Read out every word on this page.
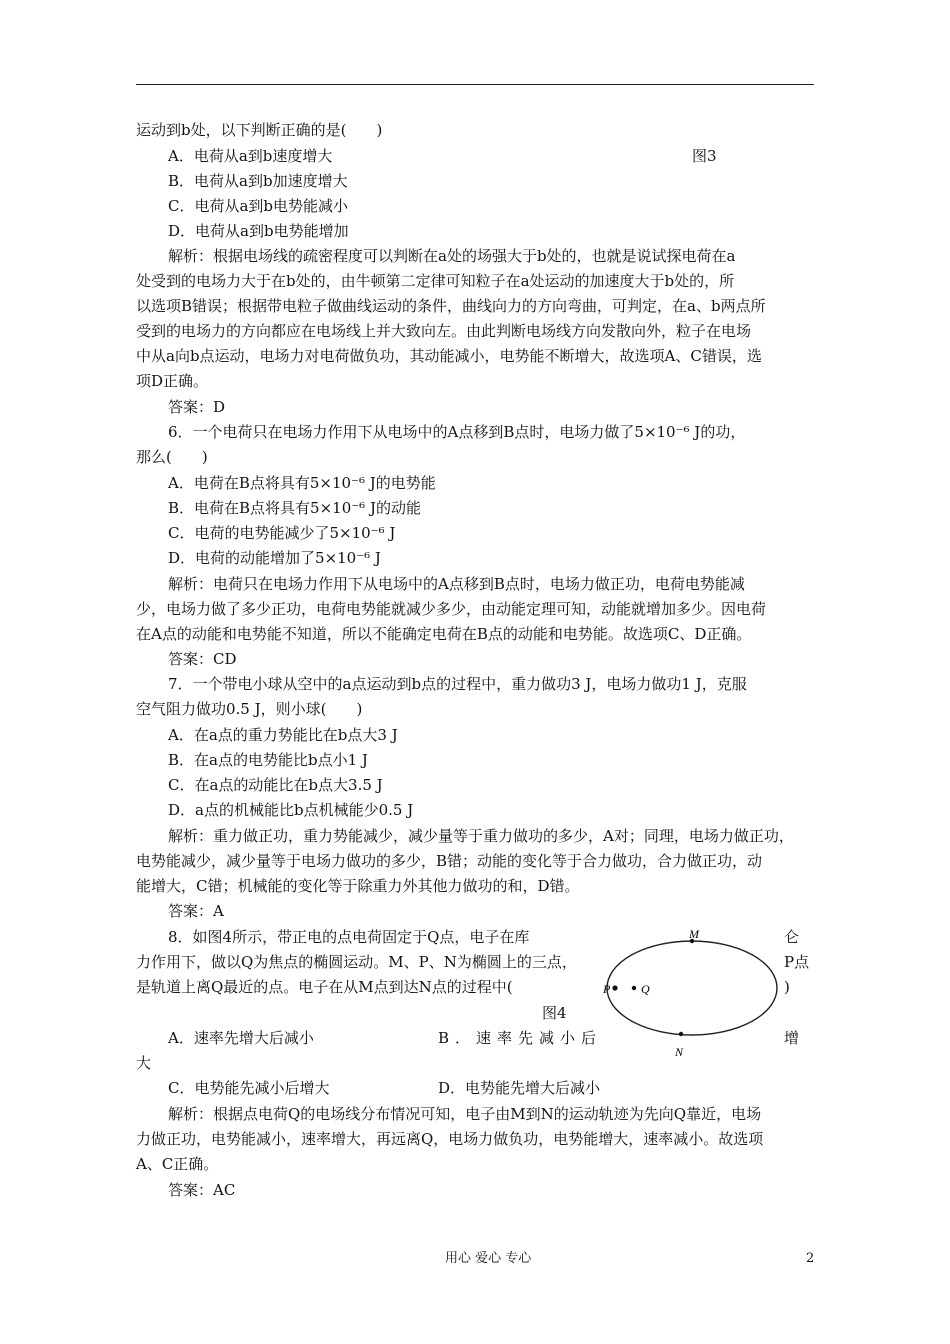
运动到b处，以下判断正确的是(　　)
A．电荷从a到b速度增大	图3
B．电荷从a到b加速度增大
C．电荷从a到b电势能减小
D．电荷从a到b电势能增加
解析：根据电场线的疏密程度可以判断在a处的场强大于b处的，也就是说试探电荷在a
处受到的电场力大于在b处的，由牛顿第二定律可知粒子在a处运动的加速度大于b处的，所
以选项B错误；根据带电粒子做曲线运动的条件，曲线向力的方向弯曲，可判定，在a、b两点所
受到的电场力的方向都应在电场线上并大致向左。由此判断电场线方向发散向外，粒子在电场
中从a向b点运动，电场力对电荷做负功，其动能减小，电势能不断增大，故选项A、C错误，选
项D正确。
答案：D
6．一个电荷只在电场力作用下从电场中的A点移到B点时，电场力做了5×10⁻⁶ J的功，
那么(　　)
A．电荷在B点将具有5×10⁻⁶ J的电势能
B．电荷在B点将具有5×10⁻⁶ J的动能
C．电荷的电势能减少了5×10⁻⁶ J
D．电荷的动能增加了5×10⁻⁶ J
解析：电荷只在电场力作用下从电场中的A点移到B点时，电场力做正功，电荷电势能减
少，电场力做了多少正功，电荷电势能就减少多少，由动能定理可知，动能就增加多少。因电荷
在A点的动能和电势能不知道，所以不能确定电荷在B点的动能和电势能。故选项C、D正确。
答案：CD
7．一个带电小球从空中的a点运动到b点的过程中，重力做功3 J，电场力做功1 J，克服
空气阻力做功0.5 J，则小球(　　)
A．在a点的重力势能比在b点大3 J
B．在a点的电势能比b点小1 J
C．在a点的动能比在b点大3.5 J
D．a点的机械能比b点机械能少0.5 J
解析：重力做正功，重力势能减少，减少量等于重力做功的多少，A对；同理，电场力做正功，
电势能减少，减少量等于电场力做功的多少，B错；动能的变化等于合力做功，合力做正功，动
能增大，C错；机械能的变化等于除重力外其他力做功的和，D错。
答案：A
8．如图4所示，带正电的点电荷固定于Q点，电子在库	仑
力作用下，做以Q为焦点的椭圆运动。M、P、N为椭圆上的三点，	P点
是轨道上离Q最近的点。电子在从M点到达N点的过程中(	)
图4
M
P	Q
N
A．速率先增大后减小	B．速率先减小后	增
大
C．电势能先减小后增大	D．电势能先增大后减小
解析：根据点电荷Q的电场线分布情况可知，电子由M到N的运动轨迹为先向Q靠近，电场
力做正功，电势能减小，速率增大，再远离Q，电场力做负功，电势能增大，速率减小。故选项
A、C正确。
答案：AC
用心 爱心 专心	2
